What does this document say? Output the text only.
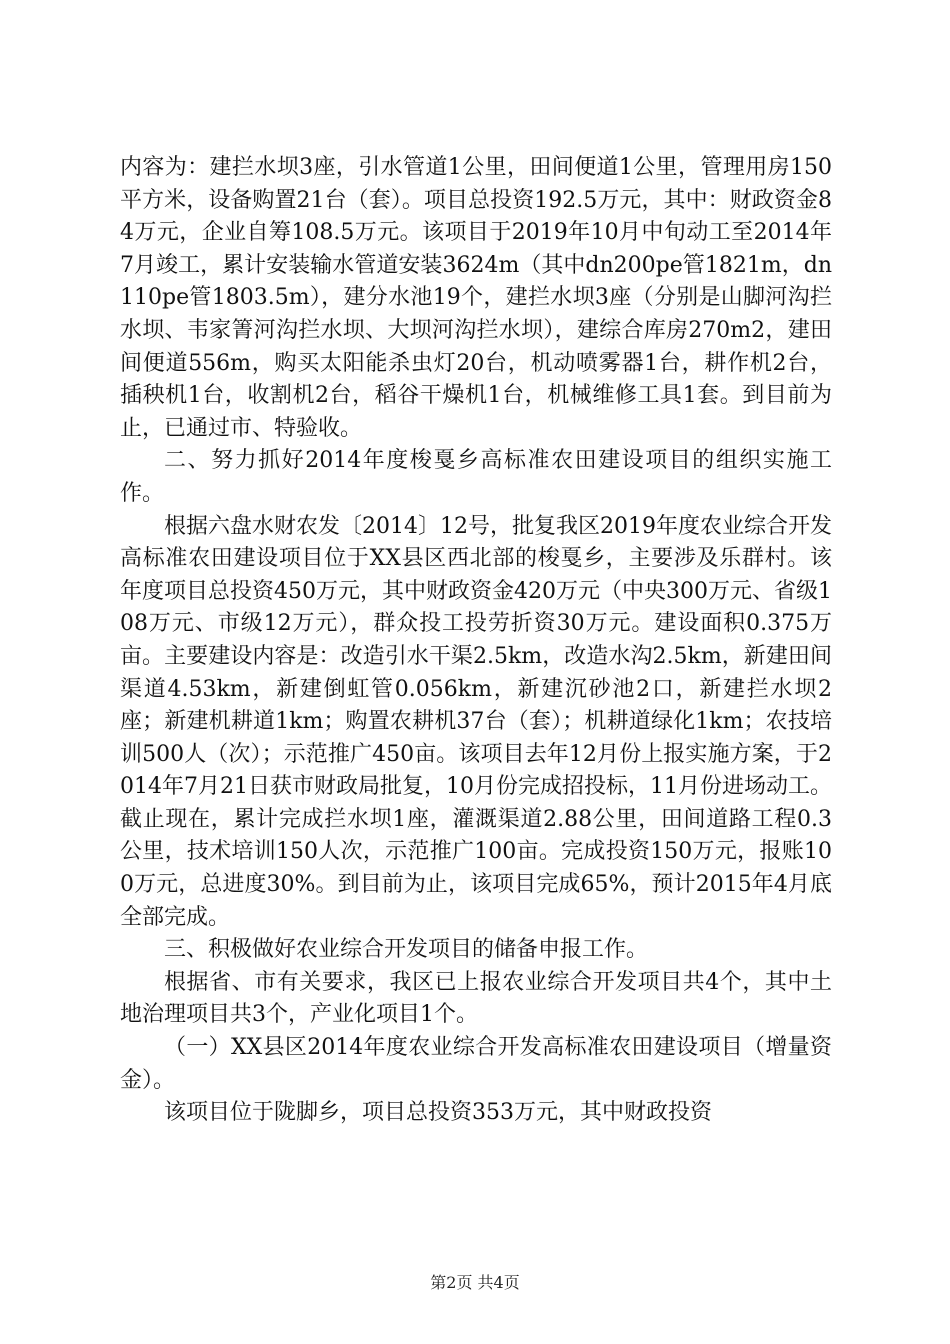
内容为：建拦水坝3座，引水管道1公里，田间便道1公里，管理用房150平方米，设备购置21台（套）。项目总投资192.5万元，其中：财政资金84万元，企业自筹108.5万元。该项目于2019年10月中旬动工至2014年7月竣工，累计安装输水管道安装3624m（其中dn200pe管1821m，dn110pe管1803.5m），建分水池19个，建拦水坝3座（分别是山脚河沟拦水坝、韦家箐河沟拦水坝、大坝河沟拦水坝），建综合库房270m2，建田间便道556m，购买太阳能杀虫灯20台，机动喷雾器1台，耕作机2台，插秧机1台，收割机2台，稻谷干燥机1台，机械维修工具1套。到目前为止，已通过市、特验收。

二、努力抓好2014年度梭戛乡高标准农田建设项目的组织实施工作。

根据六盘水财农发〔2014〕12号，批复我区2019年度农业综合开发高标准农田建设项目位于XX县区西北部的梭戛乡，主要涉及乐群村。该年度项目总投资450万元，其中财政资金420万元（中央300万元、省级108万元、市级12万元），群众投工投劳折资30万元。建设面积0.375万亩。主要建设内容是：改造引水干渠2.5km，改造水沟2.5km，新建田间渠道4.53km，新建倒虹管0.056km，新建沉砂池2口，新建拦水坝2座；新建机耕道1km；购置农耕机37台（套）；机耕道绿化1km；农技培训500人（次）；示范推广450亩。该项目去年12月份上报实施方案，于2014年7月21日获市财政局批复，10月份完成招投标，11月份进场动工。截止现在，累计完成拦水坝1座，灌溉渠道2.88公里，田间道路工程0.3公里，技术培训150人次，示范推广100亩。完成投资150万元，报账100万元，总进度30%。到目前为止，该项目完成65%，预计2015年4月底全部完成。

三、积极做好农业综合开发项目的储备申报工作。

根据省、市有关要求，我区已上报农业综合开发项目共4个，其中土地治理项目共3个，产业化项目1个。

（一）XX县区2014年度农业综合开发高标准农田建设项目（增量资金）。

该项目位于陇脚乡，项目总投资353万元，其中财政投资

第2页 共4页
